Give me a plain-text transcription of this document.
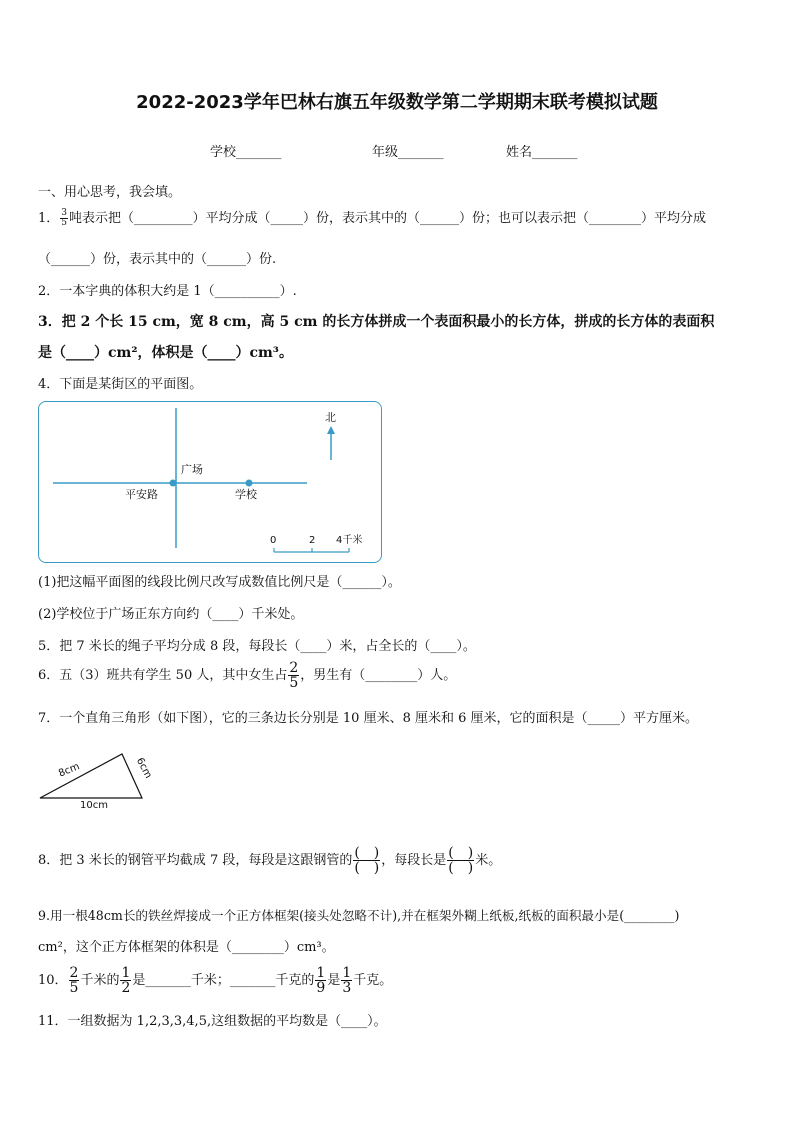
2022-2023学年巴林右旗五年级数学第二学期期末联考模拟试题
学校_______	年级_______	姓名_______
一、用心思考，我会填。
1． $\frac{3}{5}$ 吨表示把（_________）平均分成（_____）份，表示其中的（______）份；也可以表示把（________）平均分成
（______）份，表示其中的（______）份.
2．一本字典的体积大约是 1（__________）.
3．把 2 个长 15 cm，宽 8 cm，高 5 cm 的长方体拼成一个表面积最小的长方体，拼成的长方体的表面积
是（____）cm²，体积是（____）cm³。
4．下面是某街区的平面图。
广场
平安路	学校
北
0	2 4千米
(1)把这幅平面图的线段比例尺改写成数值比例尺是（______）。
(2)学校位于广场正东方向约（____）千米处。
5．把 7 米长的绳子平均分成 8 段，每段长（____）米，占全长的（____）。
6．五（3）班共有学生 50 人，其中女生占 $\frac{2}{5}$ ，男生有（________）人。
7．一个直角三角形（如下图），它的三条边长分别是 10 厘米、8 厘米和 6 厘米，它的面积是（_____）平方厘米。
8cm	6cm
10cm
8．把 3 米长的钢管平均截成 7 段，每段是这跟钢管的 $\frac{( )}{( )}$ ，每段长是 $\frac{( )}{( )}$ 米。
9.用一根48cm长的铁丝焊接成一个正方体框架(接头处忽略不计),并在框架外糊上纸板,纸板的面积最小是(________)
cm²，这个正方体框架的体积是（________）cm³。
10． $\frac{2}{5}$ 千米的 $\frac{1}{2}$ 是_______千米；_______千克的 $\frac{1}{9}$ 是 $\frac{1}{3}$ 千克。
11．一组数据为 1,2,3,3,4,5,这组数据的平均数是（____）。
